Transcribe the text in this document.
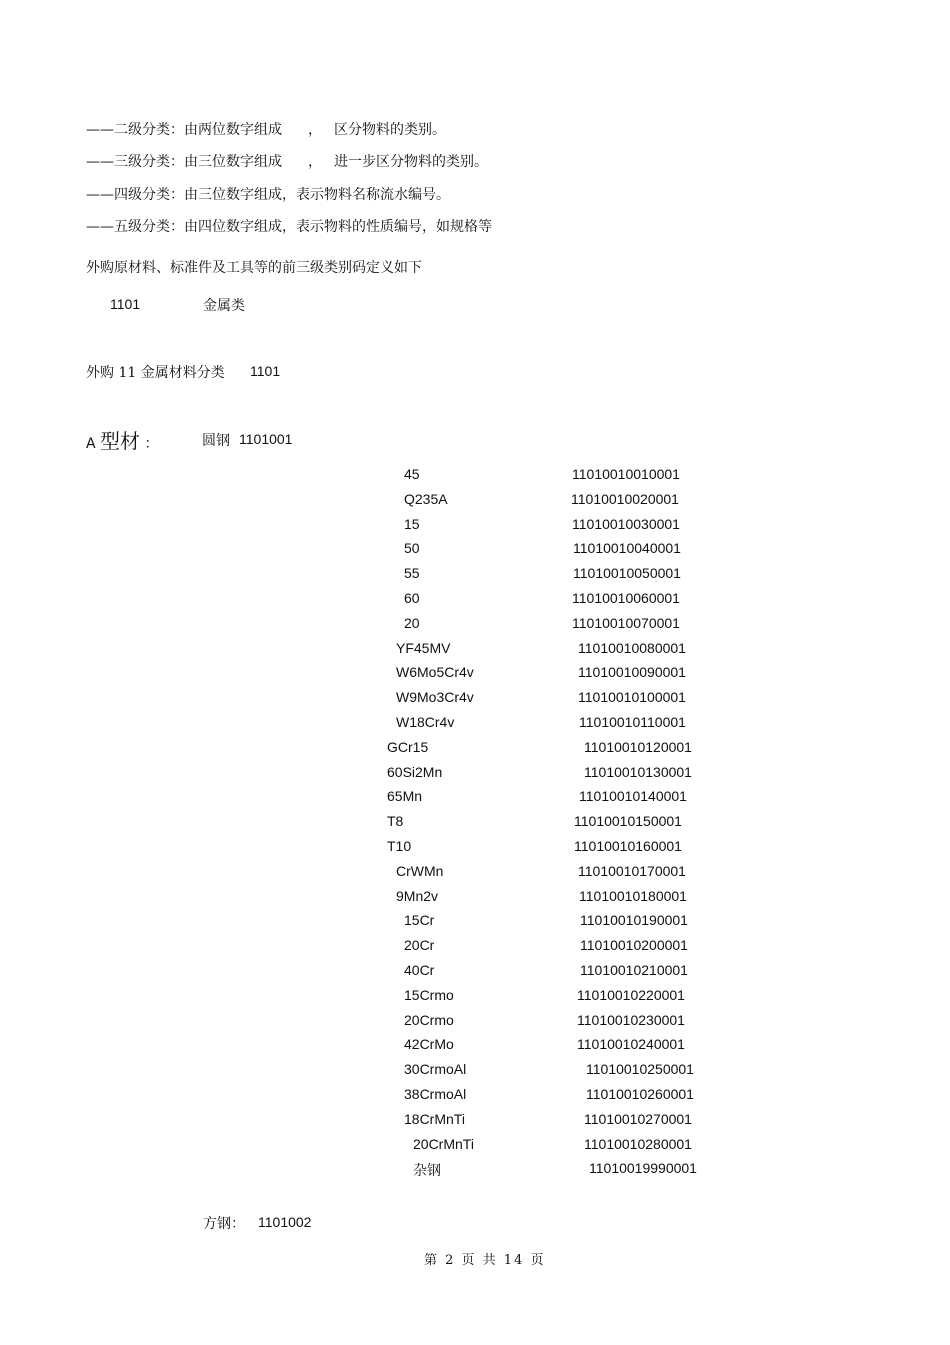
——二级分类：由两位数字组成 ， 区分物料的类别。
——三级分类：由三位数字组成 ， 进一步区分物料的类别。
——四级分类：由三位数字组成，表示物料名称流水编号。
——五级分类：由四位数字组成，表示物料的性质编号，如规格等
外购原材料、标准件及工具等的前三级类别码定义如下
1101	金属类
外购 11 金属材料分类 1101
A 型材 ：	圆钢 1101001
45	11010010010001
Q235A	11010010020001
15	11010010030001
50	11010010040001
55	11010010050001
60	11010010060001
20	11010010070001
YF45MV	11010010080001
W6Mo5Cr4v	11010010090001
W9Mo3Cr4v	11010010100001
W18Cr4v	11010010110001
GCr15	11010010120001
60Si2Mn	11010010130001
65Mn	11010010140001
T8	11010010150001
T10	11010010160001
CrWMn	11010010170001
9Mn2v	11010010180001
15Cr	11010010190001
20Cr	11010010200001
40Cr	11010010210001
15Crmo	11010010220001
20Crmo	11010010230001
42CrMo	11010010240001
30CrmoAl	11010010250001
38CrmoAl	11010010260001
18CrMnTi	11010010270001
20CrMnTi	11010010280001
杂钢	11010019990001
方钢： 1101002
第 2 页 共 14 页
